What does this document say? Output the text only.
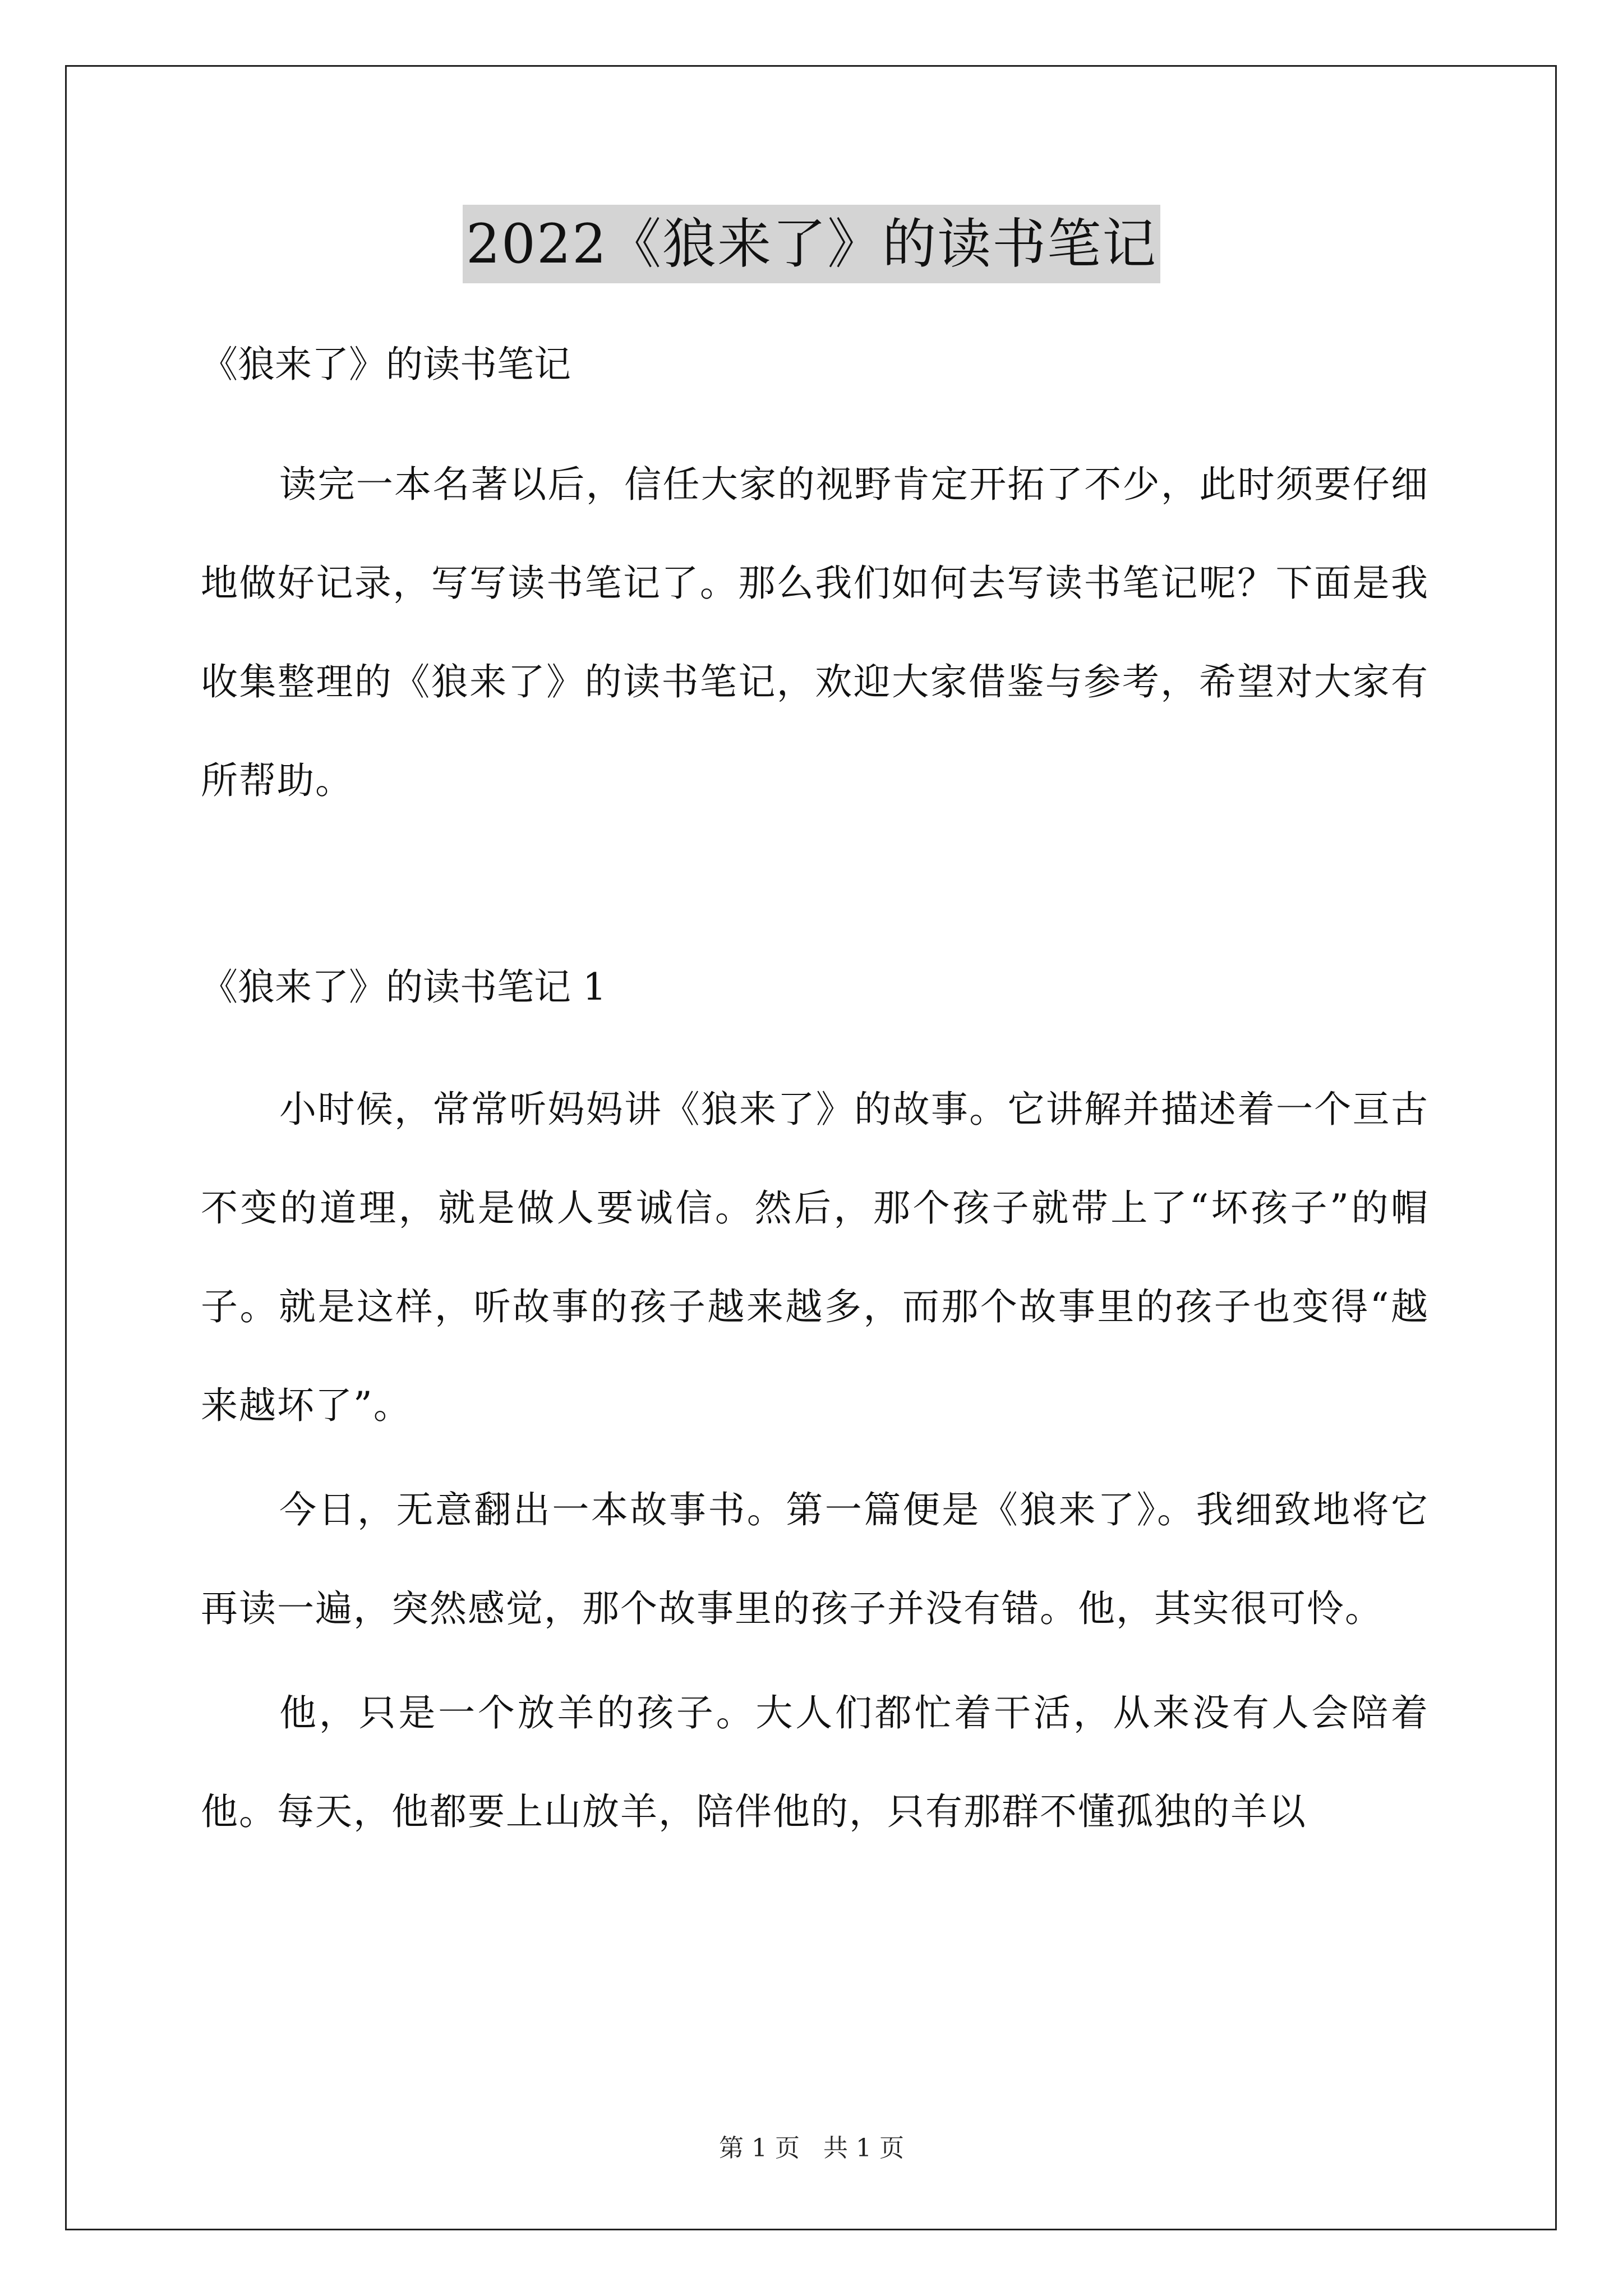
2022《狼来了》的读书笔记

《狼来了》的读书笔记

读完一本名著以后，信任大家的视野肯定开拓了不少，此时须要仔细地做好记录，写写读书笔记了。那么我们如何去写读书笔记呢？下面是我收集整理的《狼来了》的读书笔记，欢迎大家借鉴与参考，希望对大家有所帮助。

《狼来了》的读书笔记 1

小时候，常常听妈妈讲《狼来了》的故事。它讲解并描述着一个亘古不变的道理，就是做人要诚信。然后，那个孩子就带上了“坏孩子”的帽子。就是这样，听故事的孩子越来越多，而那个故事里的孩子也变得“越来越坏了”。

今日，无意翻出一本故事书。第一篇便是《狼来了》。我细致地将它再读一遍，突然感觉，那个故事里的孩子并没有错。他，其实很可怜。

他，只是一个放羊的孩子。大人们都忙着干活，从来没有人会陪着他。每天，他都要上山放羊，陪伴他的，只有那群不懂孤独的羊以

第 1 页   共 1 页
